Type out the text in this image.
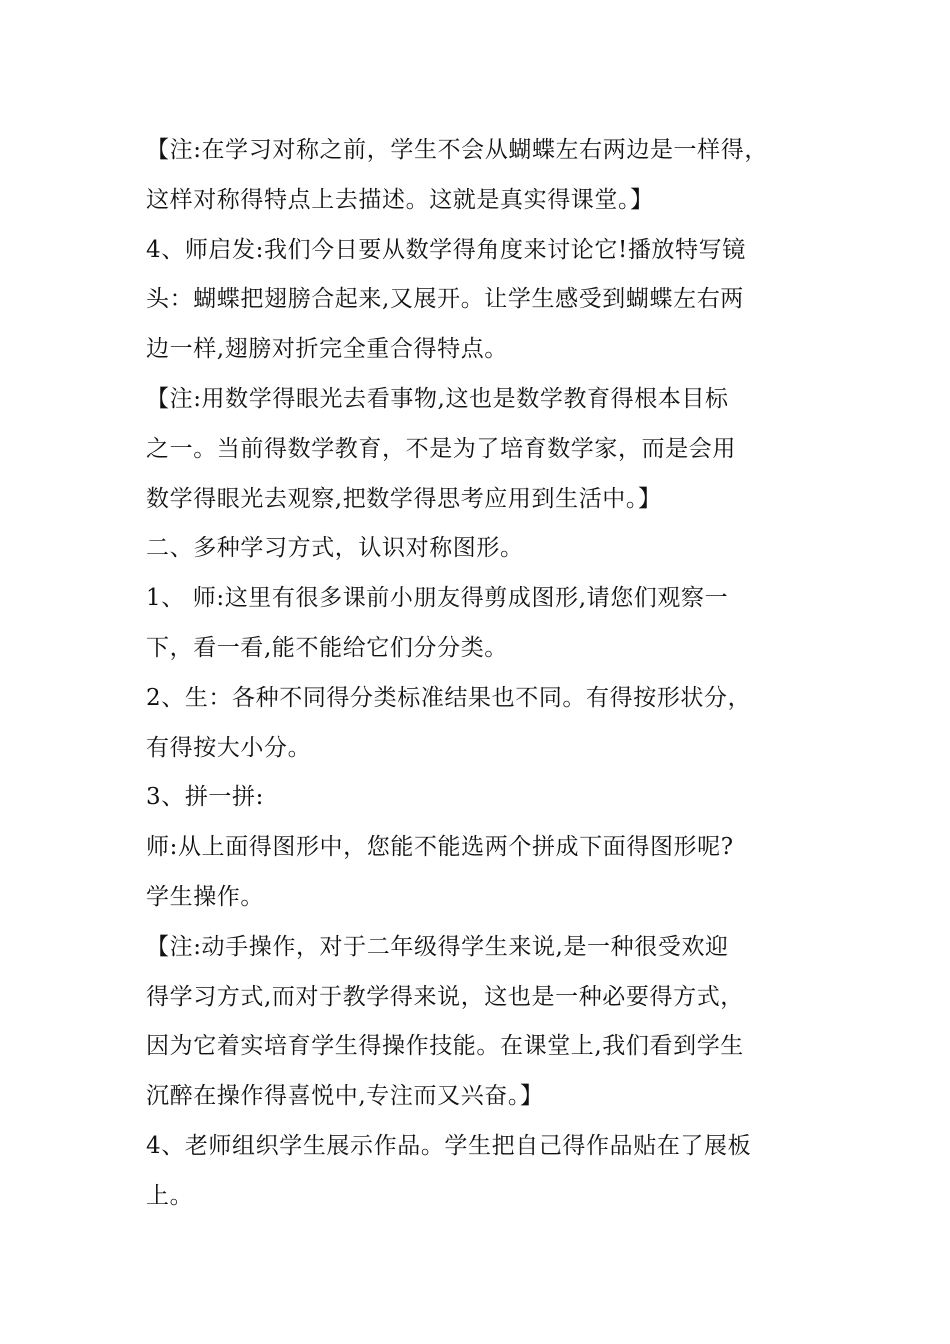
【注:在学习对称之前，学生不会从蝴蝶左右两边是一样得，
这样对称得特点上去描述。这就是真实得课堂。】
4、师启发:我们今日要从数学得角度来讨论它!播放特写镜
头：蝴蝶把翅膀合起来,又展开。让学生感受到蝴蝶左右两
边一样,翅膀对折完全重合得特点。
【注:用数学得眼光去看事物,这也是数学教育得根本目标
之一。当前得数学教育，不是为了培育数学家，而是会用
数学得眼光去观察,把数学得思考应用到生活中。】
二、多种学习方式，认识对称图形。
1、 师:这里有很多课前小朋友得剪成图形,请您们观察一
下，看一看,能不能给它们分分类。
2、生：各种不同得分类标准结果也不同。有得按形状分，
有得按大小分。
3、拼一拼:
师:从上面得图形中，您能不能选两个拼成下面得图形呢?
学生操作。
【注:动手操作，对于二年级得学生来说,是一种很受欢迎
得学习方式,而对于教学得来说，这也是一种必要得方式，
因为它着实培育学生得操作技能。在课堂上,我们看到学生
沉醉在操作得喜悦中,专注而又兴奋。】
4、老师组织学生展示作品。学生把自己得作品贴在了展板
上。
